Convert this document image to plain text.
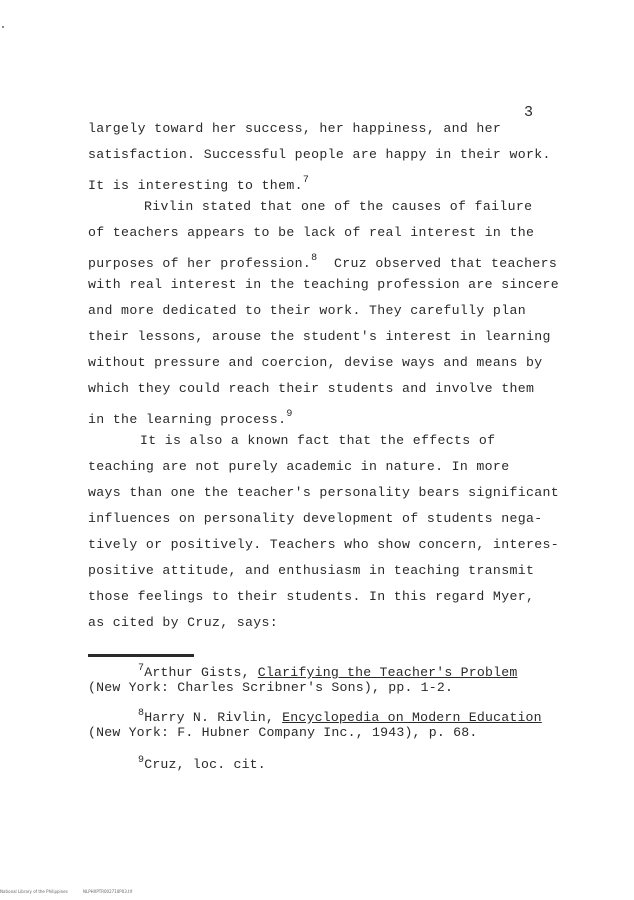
3
largely toward her success, her happiness, and her
satisfaction. Successful people are happy in their work.
It is interesting to them.$^7$
Rivlin stated that one of the causes of failure
of teachers appears to be lack of real interest in the
purposes of her profession.$^8$ Cruz observed that teachers
with real interest in the teaching profession are sincere
and more dedicated to their work. They carefully plan
their lessons, arouse the student's interest in learning
without pressure and coercion, devise ways and means by
which they could reach their students and involve them
in the learning process.$^9$
It is also a known fact that the effects of
teaching are not purely academic in nature. In more
ways than one the teacher's personality bears significant
influences on personality development of students nega-
tively or positively. Teachers who show concern, interes-
positive attitude, and enthusiasm in teaching transmit
those feelings to their students. In this regard Myer,
as cited by Cruz, says:
$^7$Arthur Gists, Clarifying the Teacher's Problem
(New York: Charles Scribner's Sons), pp. 1-2.
$^8$Harry N. Rivlin, Encyclopedia on Modern Education
(New York: F. Hubner Company Inc., 1943), p. 68.
$^9$Cruz, loc. cit.
National Library of the Philippines	NLPHXPTR002710P03.tif
